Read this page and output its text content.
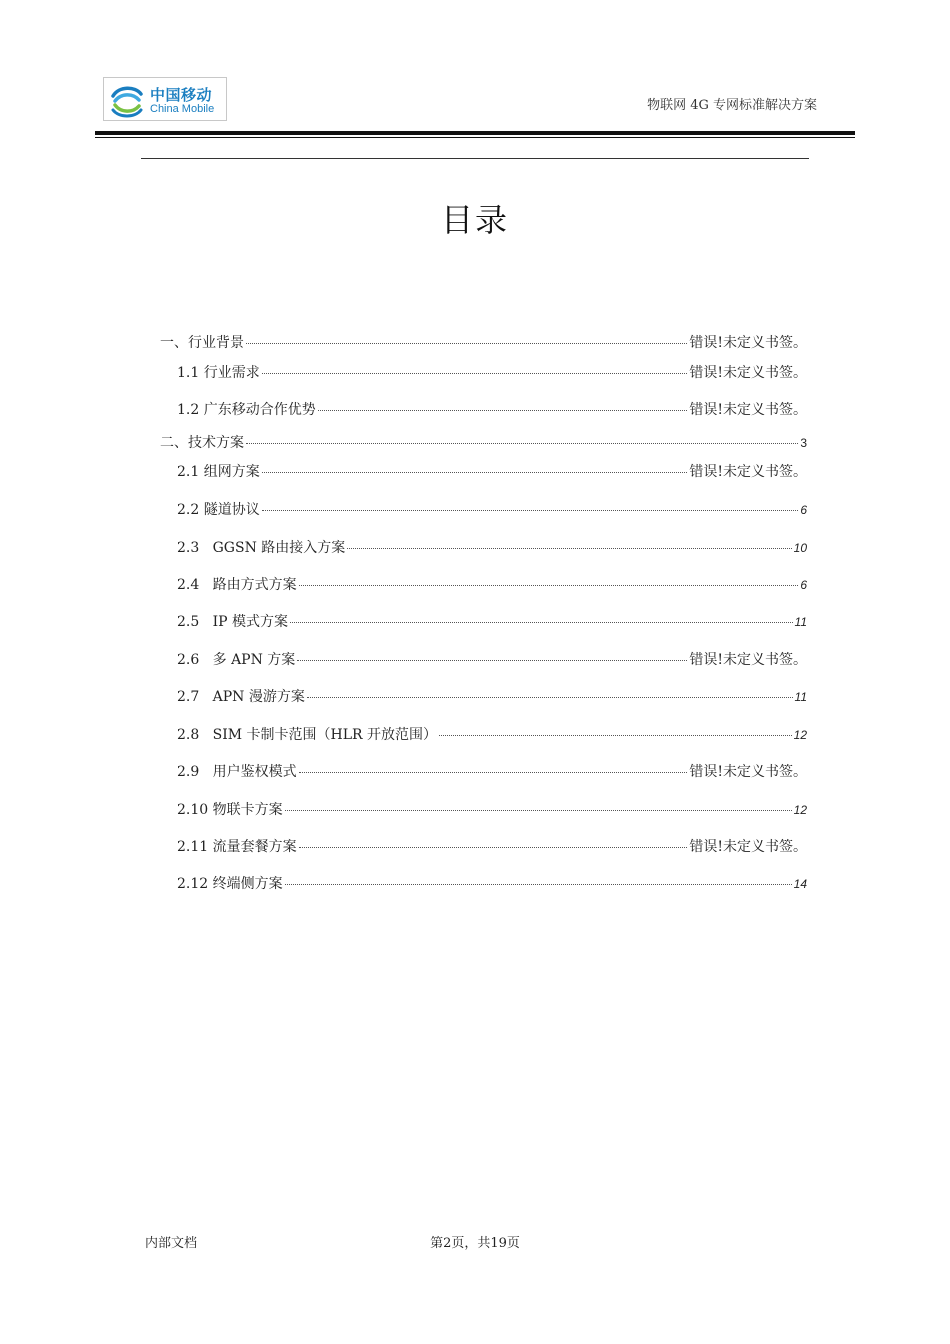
中国移动
China Mobile	物联网 4G 专网标准解决方案
目录
一、行业背景	错误!未定义书签。
1.1 行业需求	错误!未定义书签。
1.2 广东移动合作优势	错误!未定义书签。
二、技术方案	3
2.1 组网方案	错误!未定义书签。
2.2 隧道协议	6
2.3   GGSN 路由接入方案	10
2.4   路由方式方案	6
2.5   IP 模式方案	11
2.6   多 APN 方案	错误!未定义书签。
2.7   APN 漫游方案	11
2.8   SIM 卡制卡范围（HLR 开放范围）	12
2.9   用户鉴权模式	错误!未定义书签。
2.10 物联卡方案	12
2.11 流量套餐方案	错误!未定义书签。
2.12 终端侧方案	14
内部文档	第2页，共19页
